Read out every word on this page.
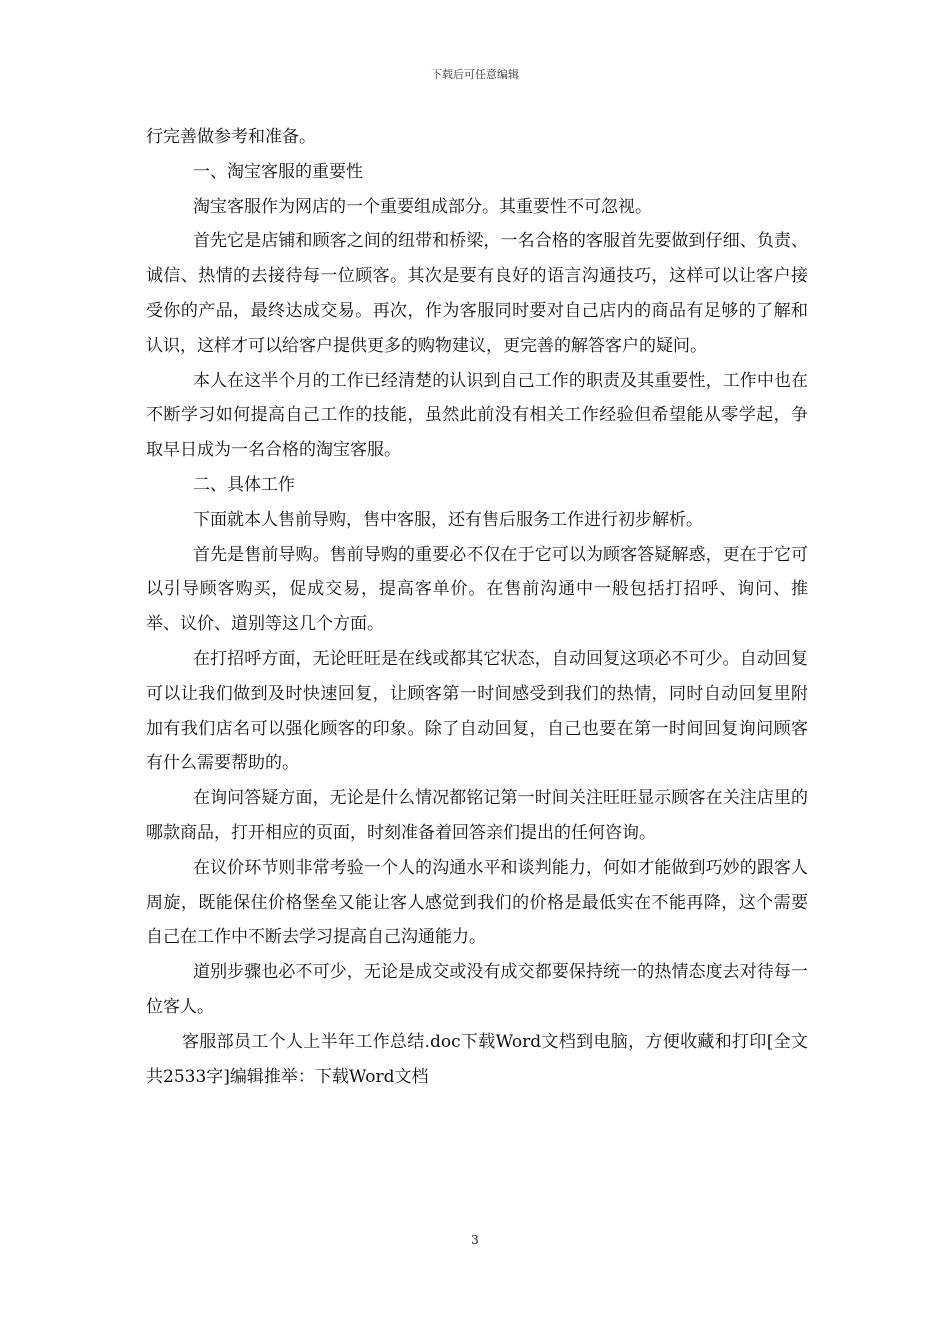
下载后可任意编辑

行完善做参考和准备。

一、淘宝客服的重要性

淘宝客服作为网店的一个重要组成部分。其重要性不可忽视。

首先它是店铺和顾客之间的纽带和桥梁，一名合格的客服首先要做到仔细、负责、诚信、热情的去接待每一位顾客。其次是要有良好的语言沟通技巧，这样可以让客户接受你的产品，最终达成交易。再次，作为客服同时要对自己店内的商品有足够的了解和认识，这样才可以给客户提供更多的购物建议，更完善的解答客户的疑问。

本人在这半个月的工作已经清楚的认识到自己工作的职责及其重要性，工作中也在不断学习如何提高自己工作的技能，虽然此前没有相关工作经验但希望能从零学起，争取早日成为一名合格的淘宝客服。

二、具体工作

下面就本人售前导购，售中客服，还有售后服务工作进行初步解析。

首先是售前导购。售前导购的重要必不仅在于它可以为顾客答疑解惑，更在于它可以引导顾客购买，促成交易，提高客单价。在售前沟通中一般包括打招呼、询问、推举、议价、道别等这几个方面。

在打招呼方面，无论旺旺是在线或都其它状态，自动回复这项必不可少。自动回复可以让我们做到及时快速回复，让顾客第一时间感受到我们的热情，同时自动回复里附加有我们店名可以强化顾客的印象。除了自动回复，自己也要在第一时间回复询问顾客有什么需要帮助的。

在询问答疑方面，无论是什么情况都铭记第一时间关注旺旺显示顾客在关注店里的哪款商品，打开相应的页面，时刻准备着回答亲们提出的任何咨询。

在议价环节则非常考验一个人的沟通水平和谈判能力，何如才能做到巧妙的跟客人周旋，既能保住价格堡垒又能让客人感觉到我们的价格是最低实在不能再降，这个需要自己在工作中不断去学习提高自己沟通能力。

道别步骤也必不可少，无论是成交或没有成交都要保持统一的热情态度去对待每一位客人。

客服部员工个人上半年工作总结.doc下载Word文档到电脑，方便收藏和打印[全文共2533字]编辑推举：下载Word文档

3
